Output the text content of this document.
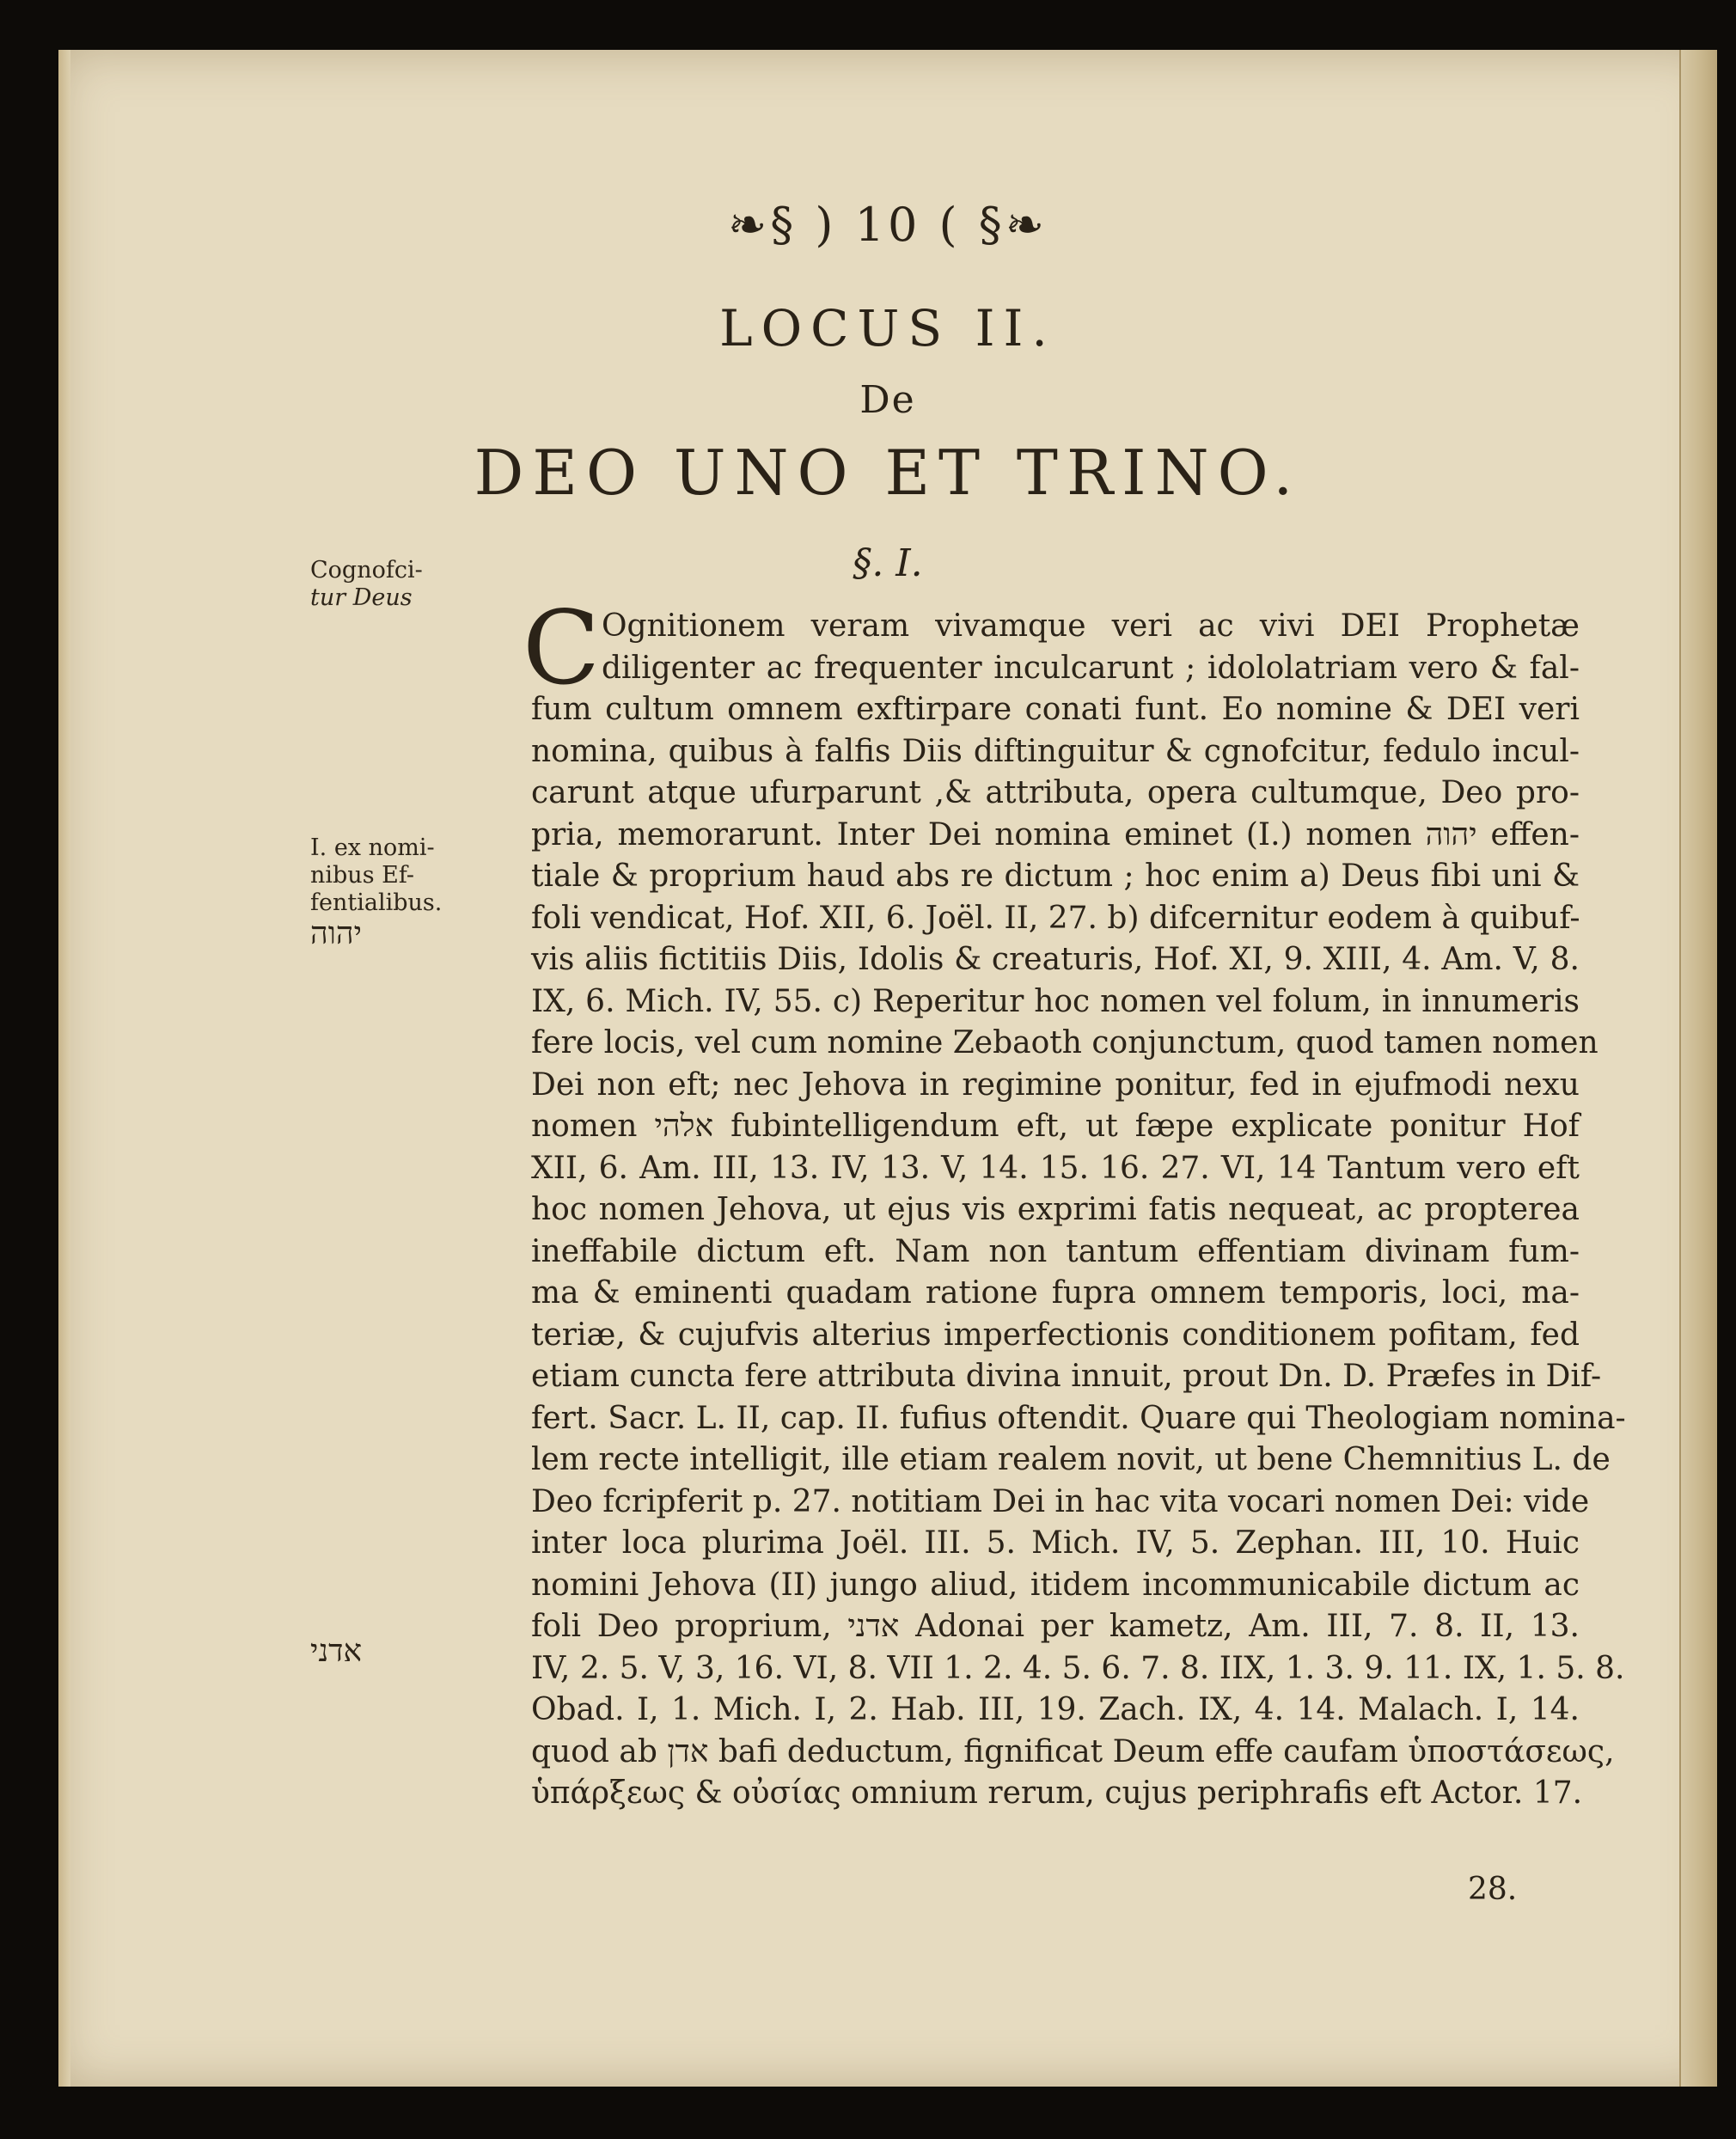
❧§ ) 10 ( §❧
LOCUS II.
De
DEO UNO ET TRINO.
§. I.
Cognofci-
tur Deus
I. ex nomi-
nibus Ef-
fentialibus.
יהוה
אדני
C Ognitionem veram vivamque veri ac vivi DEI Prophetæ
diligenter ac frequenter inculcarunt ; idololatriam vero & fal-
fum cultum omnem exftirpare conati funt. Eo nomine & DEI veri
nomina, quibus à falfis Diis diftinguitur & cgnofcitur, fedulo incul-
carunt atque ufurparunt ,& attributa, opera cultumque, Deo pro-
pria, memorarunt. Inter Dei nomina eminet (I.) nomen יהוה effen-
tiale & proprium haud abs re dictum ; hoc enim a) Deus fibi uni &
foli vendicat, Hof. XII, 6. Joël. II, 27. b) difcernitur eodem à quibuf-
vis aliis fictitiis Diis, Idolis & creaturis, Hof. XI, 9. XIII, 4. Am. V, 8.
IX, 6. Mich. IV, 55. c) Reperitur hoc nomen vel folum, in innumeris
fere locis, vel cum nomine Zebaoth conjunctum, quod tamen nomen
Dei non eft; nec Jehova in regimine ponitur, fed in ejufmodi nexu
nomen אלהי fubintelligendum eft, ut fæpe explicate ponitur Hof
XII, 6. Am. III, 13. IV, 13. V, 14. 15. 16. 27. VI, 14 Tantum vero eft
hoc nomen Jehova, ut ejus vis exprimi fatis nequeat, ac propterea
ineffabile dictum eft. Nam non tantum effentiam divinam fum-
ma & eminenti quadam ratione fupra omnem temporis, loci, ma-
teriæ, & cujufvis alterius imperfectionis conditionem pofitam, fed
etiam cuncta fere attributa divina innuit, prout Dn. D. Præfes in Dif-
fert. Sacr. L. II, cap. II. fufius oftendit. Quare qui Theologiam nomina-
lem recte intelligit, ille etiam realem novit, ut bene Chemnitius L. de
Deo fcripferit p. 27. notitiam Dei in hac vita vocari nomen Dei: vide
inter loca plurima Joël. III. 5. Mich. IV, 5. Zephan. III, 10. Huic
nomini Jehova (II) jungo aliud, itidem incommunicabile dictum ac
foli Deo proprium, אדני Adonai per kametz, Am. III, 7. 8. II, 13.
IV, 2. 5. V, 3, 16. VI, 8. VII 1. 2. 4. 5. 6. 7. 8. IIX, 1. 3. 9. 11. IX, 1. 5. 8.
Obad. I, 1. Mich. I, 2. Hab. III, 19. Zach. IX, 4. 14. Malach. I, 14.
quod ab אדן bafi deductum, fignificat Deum effe caufam ὑποστάσεως,
ὑπάρξεως & οὐσίας omnium rerum, cujus periphrafis eft Actor. 17.
28.
